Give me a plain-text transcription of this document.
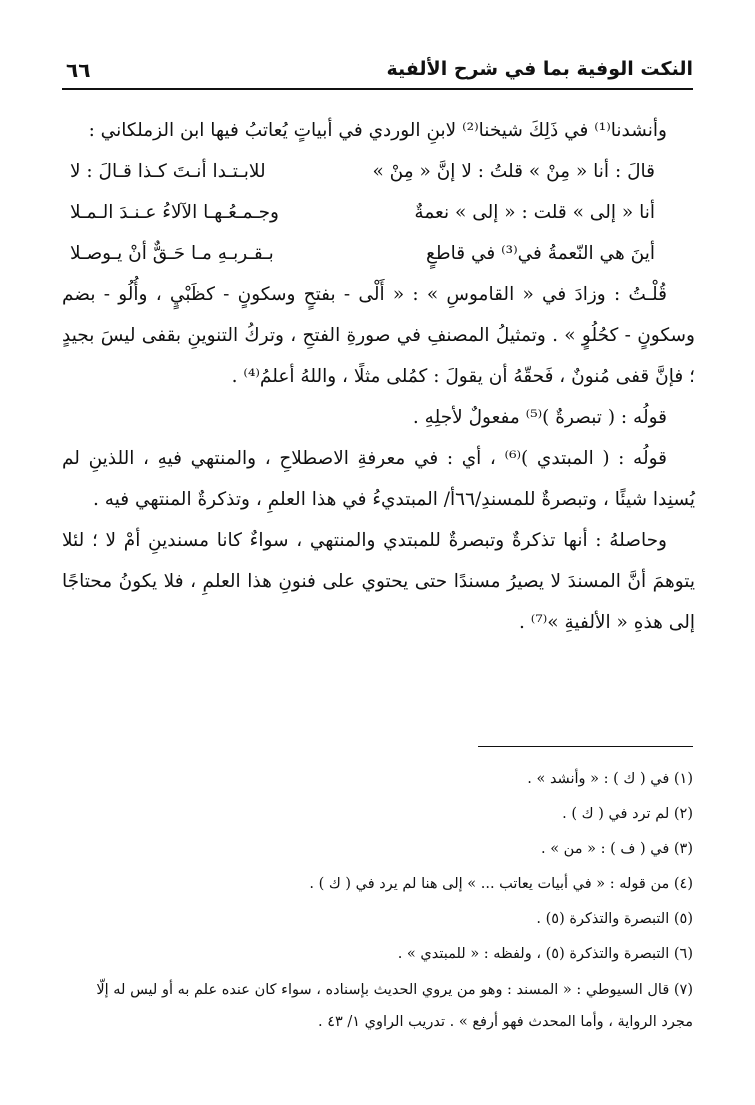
النكت الوفية بما في شرح الألفية
٦٦

وأنشدنا⁽¹⁾ في ذَلِكَ شيخنا⁽²⁾ لابنِ الوردي في أبياتٍ يُعاتبُ فيها ابن الزملكاني :

قالَ : أنا « مِنْ » قلتُ : لا إنَّ « مِنْ »
للابـتـدا أنـتَ كـذا قـالَ : لا
أنا « إلى » قلت : « إلى » نعمةٌ
وجـمـعُـهـا الآلاءُ عـنـدَ الـمـلا
أينَ هي النّعمةُ في⁽³⁾ في قاطعٍ
بـقـربـهِ مـا حَـقٌّ أنْ يـوصـلا

قُلْـتُ : وزادَ في « القاموسِ » : « أَلْى - بفتحٍ وسكونٍ - كظَبْيٍ ، وأُلُو - بضم وسكونٍ - كحُلُوٍ » . وتمثيلُ المصنفِ في صورةِ الفتحِ ، وتركُ التنوينِ بقفى ليسَ بجيدٍ ؛ فإنَّ قفى مُنونٌ ، فَحقّهُ أن يقولَ : كمُلى مثلًا ، واللهُ أعلمُ⁽⁴⁾ .

قولُه : ( تبصرةٌ )⁽⁵⁾ مفعولٌ لأجلِهِ .

قولُه : ( المبتدي )⁽⁶⁾ ، أي : في معرفةِ الاصطلاحِ ، والمنتهي فيهِ ، اللذينِ لم يُسنِدا شيئًا ، وتبصرةٌ للمسندِ/٦٦أ/ المبتديءُ في هذا العلمِ ، وتذكرةٌ المنتهي فيه .

وحاصلهُ : أنها تذكرةٌ وتبصرةٌ للمبتدي والمنتهي ، سواءٌ كانا مسندينِ أمْ لا ؛ لئلا يتوهمَ أنَّ المسندَ لا يصيرُ مسندًا حتى يحتوي على فنونِ هذا العلمِ ، فلا يكونُ محتاجًا إلى هذهِ « الألفيةِ »⁽⁷⁾ .

(١) في ( ك ) : « وأنشد » .
(٢) لم ترد في ( ك ) .
(٣) في ( ف ) : « من » .
(٤) من قوله : « في أبيات يعاتب ... » إلى هنا لم يرد في ( ك ) .
(٥) التبصرة والتذكرة (٥) .
(٦) التبصرة والتذكرة (٥) ، ولفظه : « للمبتدي » .
(٧) قال السيوطي : « المسند : وهو من يروي الحديث بإسناده ، سواء كان عنده علم به أو ليس له إلّا مجرد الرواية ، وأما المحدث فهو أرفع » . تدريب الراوي ١/ ٤٣ .
